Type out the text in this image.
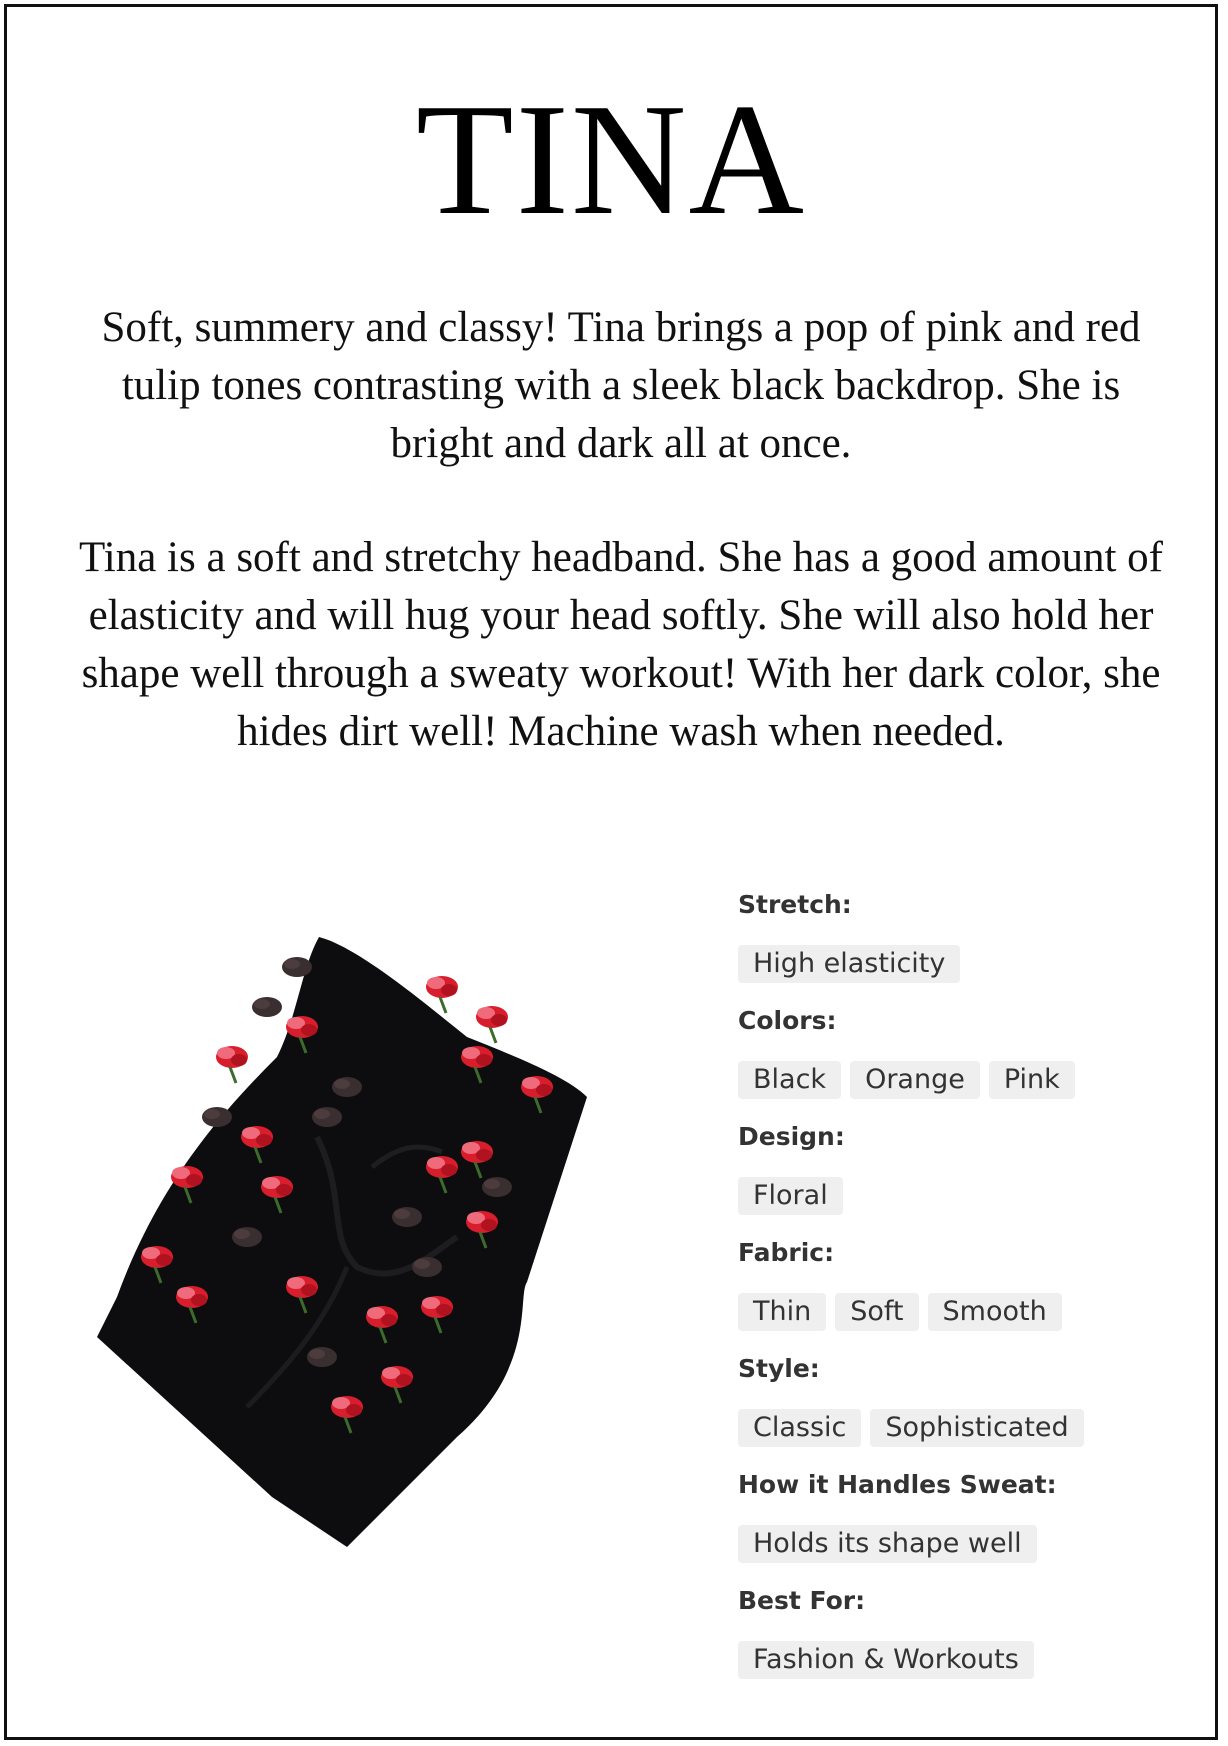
TINA

Soft, summery and classy! Tina brings a pop of pink and red tulip tones contrasting with a sleek black backdrop. She is bright and dark all at once.

Tina is a soft and stretchy headband. She has a good amount of elasticity and will hug your head softly. She will also hold her shape well through a sweaty workout! With her dark color, she hides dirt well! Machine wash when needed.

Stretch:
High elasticity
Colors:
Black	Orange	Pink
Design:
Floral
Fabric:
Thin	Soft	Smooth
Style:
Classic	Sophisticated
How it Handles Sweat:
Holds its shape well
Best For:
Fashion & Workouts
